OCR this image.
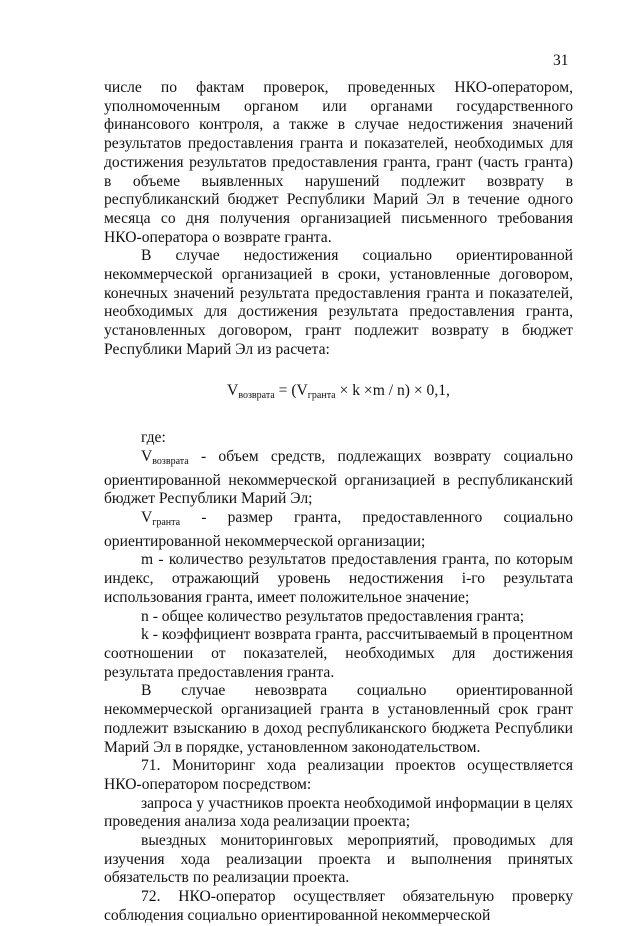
31

числе по фактам проверок, проведенных НКО-оператором, уполномоченным органом или органами государственного финансового контроля, а также в случае недостижения значений результатов предоставления гранта и показателей, необходимых для достижения результатов предоставления гранта, грант (часть гранта) в объеме выявленных нарушений подлежит возврату в республиканский бюджет Республики Марий Эл в течение одного месяца со дня получения организацией письменного требования НКО-оператора о возврате гранта.

В случае недостижения социально ориентированной некоммерческой организацией в сроки, установленные договором, конечных значений результата предоставления гранта и показателей, необходимых для достижения результата предоставления гранта, установленных договором, грант подлежит возврату в бюджет Республики Марий Эл из расчета:

$V_{возврата} = (V_{гранта} \times k \times m / n) \times 0,1$,

где:

$V_{возврата}$ - объем средств, подлежащих возврату социально ориентированной некоммерческой организацией в республиканский бюджет Республики Марий Эл;

$V_{гранта}$ - размер гранта, предоставленного социально ориентированной некоммерческой организации;

m - количество результатов предоставления гранта, по которым индекс, отражающий уровень недостижения i-го результата использования гранта, имеет положительное значение;

n - общее количество результатов предоставления гранта;

k - коэффициент возврата гранта, рассчитываемый в процентном соотношении от показателей, необходимых для достижения результата предоставления гранта.

В случае невозврата социально ориентированной некоммерческой организацией гранта в установленный срок грант подлежит взысканию в доход республиканского бюджета Республики Марий Эл в порядке, установленном законодательством.

71. Мониторинг хода реализации проектов осуществляется НКО-оператором посредством:

запроса у участников проекта необходимой информации в целях проведения анализа хода реализации проекта;

выездных мониторинговых мероприятий, проводимых для изучения хода реализации проекта и выполнения принятых обязательств по реализации проекта.

72. НКО-оператор осуществляет обязательную проверку соблюдения социально ориентированной некоммерческой
